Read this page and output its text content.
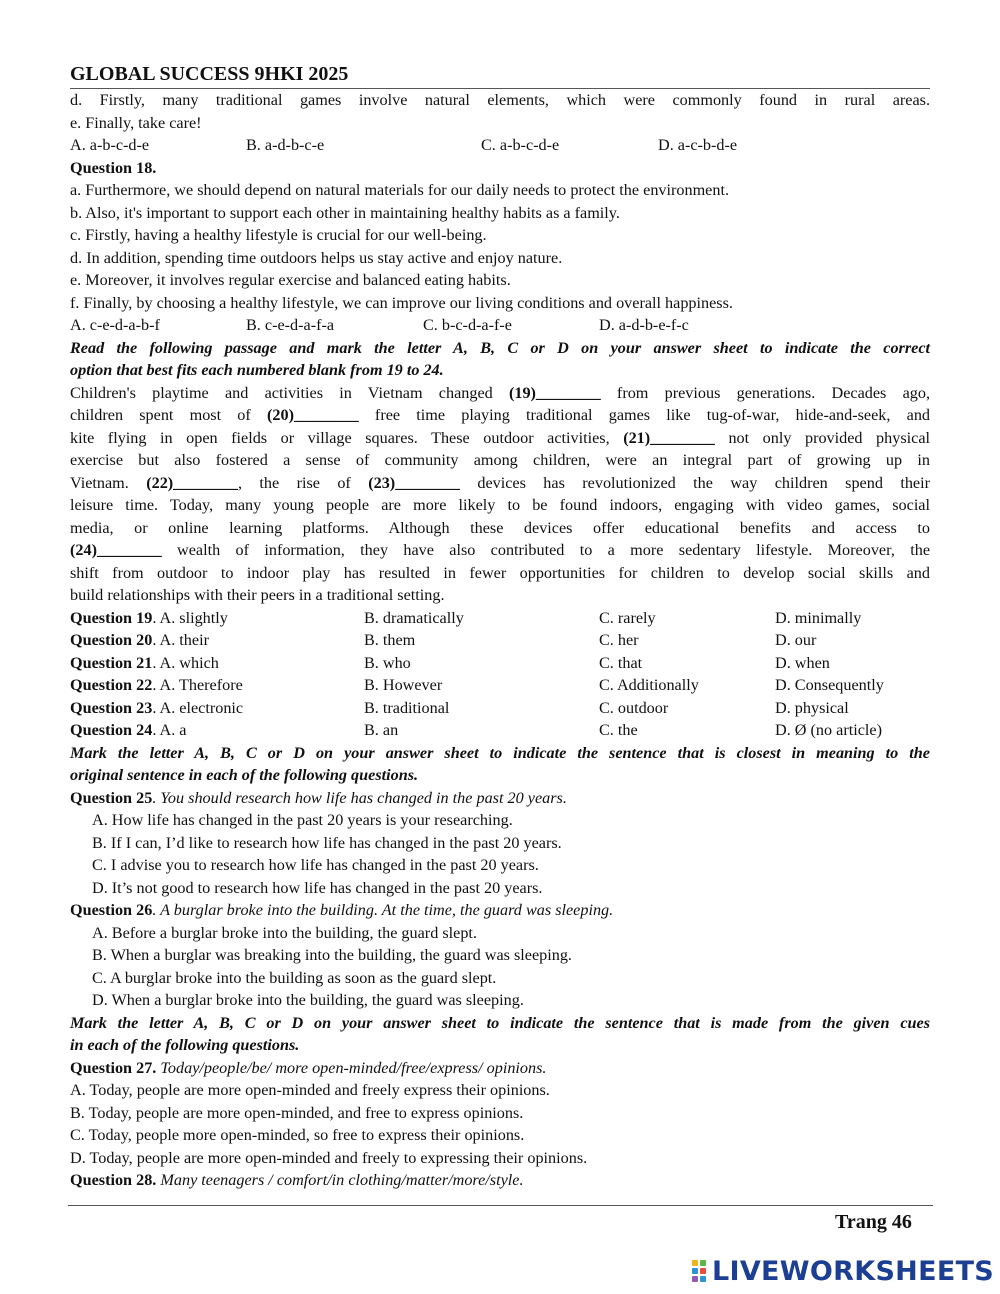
GLOBAL SUCCESS 9HKI 2025
d. Firstly, many traditional games involve natural elements, which were commonly found in rural areas.
e. Finally, take care!
A. a-b-c-d-e	B. a-d-b-c-e	C. a-b-c-d-e	D. a-c-b-d-e
Question 18.
a. Furthermore, we should depend on natural materials for our daily needs to protect the environment.
b. Also, it's important to support each other in maintaining healthy habits as a family.
c. Firstly, having a healthy lifestyle is crucial for our well-being.
d. In addition, spending time outdoors helps us stay active and enjoy nature.
e. Moreover, it involves regular exercise and balanced eating habits.
f. Finally, by choosing a healthy lifestyle, we can improve our living conditions and overall happiness.
A. c-e-d-a-b-f	B. c-e-d-a-f-a	C. b-c-d-a-f-e	D. a-d-b-e-f-c
Read the following passage and mark the letter A, B, C or D on your answer sheet to indicate the correct
option that best fits each numbered blank from 19 to 24.
Children's playtime and activities in Vietnam changed (19)________ from previous generations. Decades ago,
children spent most of (20)________ free time playing traditional games like tug-of-war, hide-and-seek, and
kite flying in open fields or village squares. These outdoor activities, (21)________ not only provided physical
exercise but also fostered a sense of community among children, were an integral part of growing up in
Vietnam. (22)________, the rise of (23)________ devices has revolutionized the way children spend their
leisure time. Today, many young people are more likely to be found indoors, engaging with video games, social
media, or online learning platforms. Although these devices offer educational benefits and access to
(24)________ wealth of information, they have also contributed to a more sedentary lifestyle. Moreover, the
shift from outdoor to indoor play has resulted in fewer opportunities for children to develop social skills and
build relationships with their peers in a traditional setting.
Question 19. A. slightly	B. dramatically	C. rarely	D. minimally
Question 20. A. their	B. them	C. her	D. our
Question 21. A. which	B. who	C. that	D. when
Question 22. A. Therefore	B. However	C. Additionally	D. Consequently
Question 23. A. electronic	B. traditional	C. outdoor	D. physical
Question 24. A. a	B. an	C. the	D. Ø (no article)
Mark the letter A, B, C or D on your answer sheet to indicate the sentence that is closest in meaning to the
original sentence in each of the following questions.
Question 25. You should research how life has changed in the past 20 years.
A. How life has changed in the past 20 years is your researching.
B. If I can, I’d like to research how life has changed in the past 20 years.
C. I advise you to research how life has changed in the past 20 years.
D. It’s not good to research how life has changed in the past 20 years.
Question 26. A burglar broke into the building. At the time, the guard was sleeping.
A. Before a burglar broke into the building, the guard slept.
B. When a burglar was breaking into the building, the guard was sleeping.
C. A burglar broke into the building as soon as the guard slept.
D. When a burglar broke into the building, the guard was sleeping.
Mark the letter A, B, C or D on your answer sheet to indicate the sentence that is made from the given cues
in each of the following questions.
Question 27. Today/people/be/ more open-minded/free/express/ opinions.
A. Today, people are more open-minded and freely express their opinions.
B. Today, people are more open-minded, and free to express opinions.
C. Today, people more open-minded, so free to express their opinions.
D. Today, people are more open-minded and freely to expressing their opinions.
Question 28. Many teenagers / comfort/in clothing/matter/more/style.
Trang 46
LIVEWORKSHEETS
